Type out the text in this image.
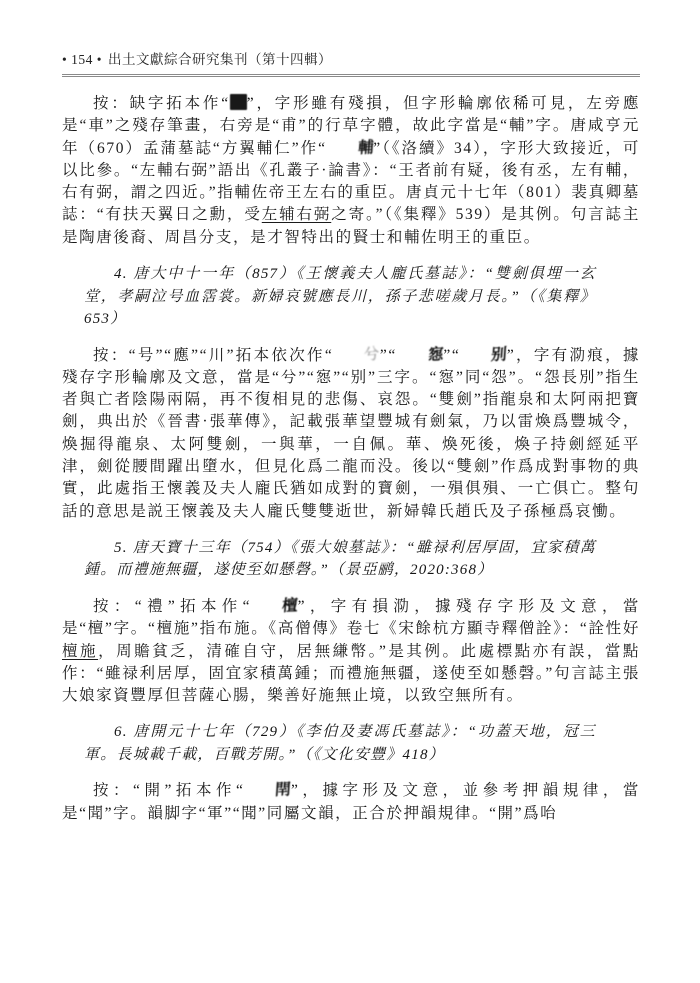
• 154 • 出土文獻綜合研究集刊（第十四輯）

按：缺字拓本作“ ”，字形雖有殘損，但字形輪廓依稀可見，左旁應是“車”之殘存筆畫，右旁是“甫”的行草字體，故此字當是“輔”字。唐咸亨元年（670）孟蒲墓誌“方翼輔仁”作“ 輔”（《洛續》34），字形大致接近，可以比參。“左輔右弼”語出《孔叢子·論書》：“王者前有疑，後有丞，左有輔，右有弼，謂之四近。”指輔佐帝王左右的重臣。唐貞元十七年（801）裴真卿墓誌：“有扶天翼日之勳，受左辅右弼之寄。”（《集釋》539）是其例。句言誌主是陶唐後裔、周昌分支，是才智特出的賢士和輔佐明王的重臣。

4. 唐大中十一年（857）《王懷義夫人龐氏墓誌》：“雙劍俱埋一玄堂，孝嗣泣号血霑裳。新婦哀號應長川，孫子悲嗟歲月長。”（《集釋》653）

按：“号”“應”“川”拓本依次作“ 兮”“ 惌”“ 别”，字有泐痕，據殘存字形輪廓及文意，當是“兮”“惌”“别”三字。“惌”同“怨”。“怨長別”指生者與亡者陰陽兩隔，再不復相見的悲傷、哀怨。“雙劍”指龍泉和太阿兩把寶劍，典出於《晉書·張華傳》，記載張華望豐城有劍氣，乃以雷煥爲豐城令，煥掘得龍泉、太阿雙劍，一與華，一自佩。華、煥死後，煥子持劍經延平津，劍從腰間躍出墮水，但見化爲二龍而没。後以“雙劍”作爲成對事物的典實，此處指王懷義及夫人龐氏猶如成對的寶劍，一殞俱殞、一亡俱亡。整句話的意思是説王懷義及夫人龐氏雙雙逝世，新婦韓氏趙氏及子孫極爲哀慟。

5. 唐天寶十三年（754）《張大娘墓誌》：“雖禄利居厚固，宜家積萬鍾。而禮施無疆，遂使至如懸磬。”（景亞鹂，2020:368）

按：“禮”拓本作“ 檀”，字有損泐，據殘存字形及文意，當是“檀”字。“檀施”指布施。《高僧傳》卷七《宋餘杭方顯寺釋僧詮》：“詮性好檀施，周贍貧乏，清確自守，居無縑幣。”是其例。此處標點亦有誤，當點作：“雖禄利居厚，固宜家積萬鍾；而禮施無疆，遂使至如懸磬。”句言誌主張大娘家資豐厚但菩薩心腸，樂善好施無止境，以致空無所有。

6. 唐開元十七年（729）《李伯及妻馮氏墓誌》：“功蓋天地，冠三軍。長城載千載，百戰芳開。”（《文化安豐》418）

按：“開”拓本作“ 閈”，據字形及文意，並參考押韻規律，當是“聞”字。韻脚字“軍”“聞”同屬文韻，正合於押韻規律。“開”爲咍
